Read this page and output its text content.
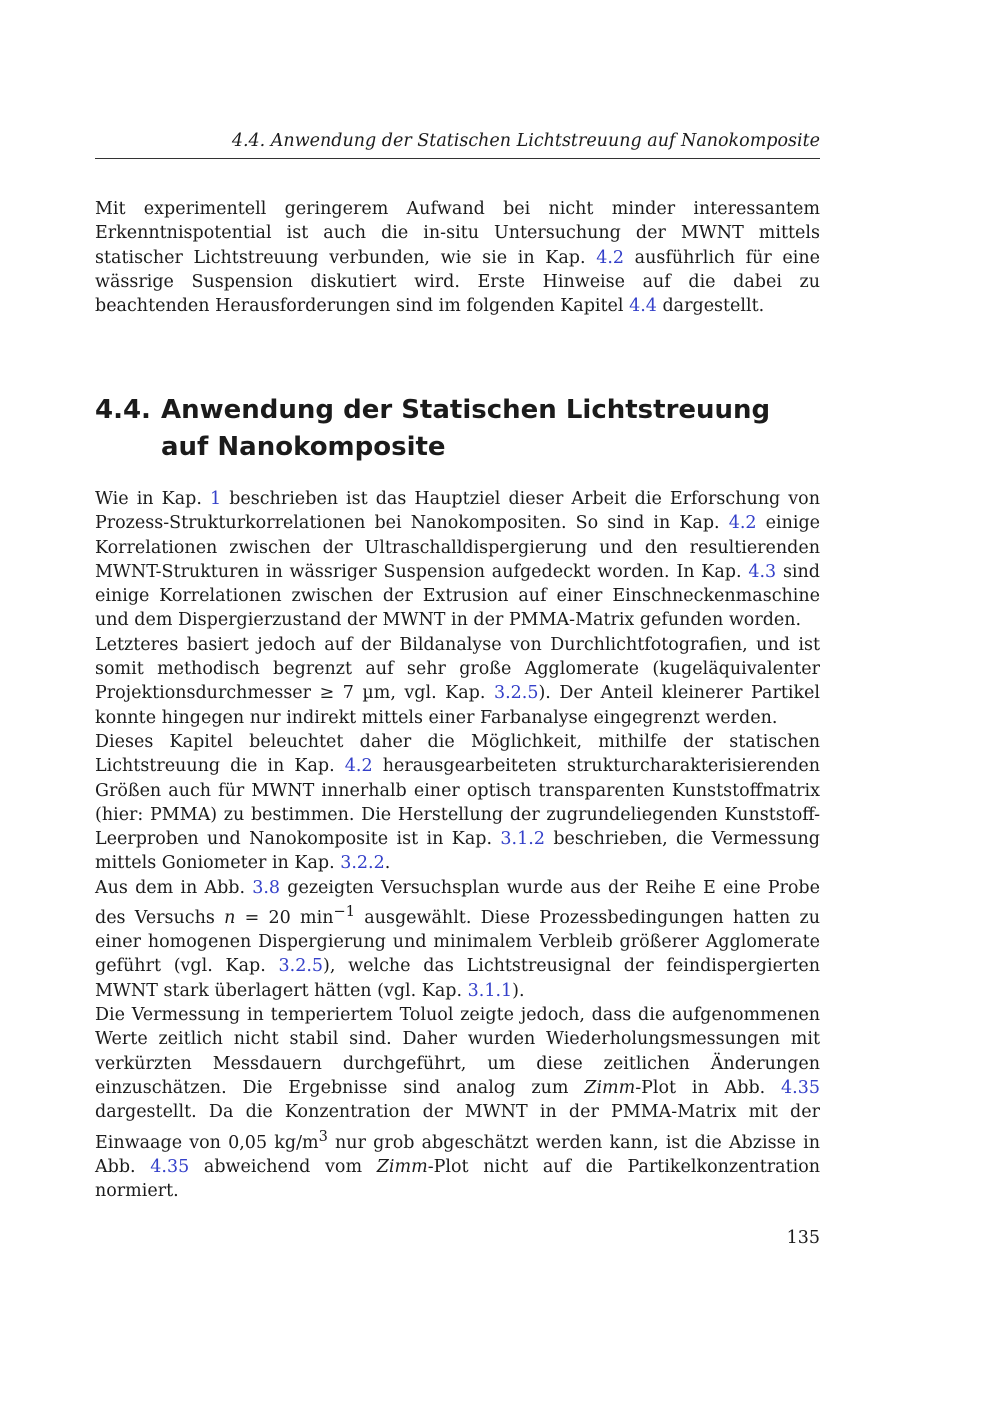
4.4. Anwendung der Statischen Lichtstreuung auf Nanokomposite

Mit experimentell geringerem Aufwand bei nicht minder interessantem Erkenntnispotential ist auch die in-situ Untersuchung der MWNT mittels statischer Lichtstreuung verbunden, wie sie in Kap. 4.2 ausführlich für eine wässrige Suspension diskutiert wird. Erste Hinweise auf die dabei zu beachtenden Herausforderungen sind im folgenden Kapitel 4.4 dargestellt.

4.4. Anwendung der Statischen Lichtstreuung auf Nanokomposite

Wie in Kap. 1 beschrieben ist das Hauptziel dieser Arbeit die Erforschung von Prozess-Strukturkorrelationen bei Nanokompositen. So sind in Kap. 4.2 einige Korrelationen zwischen der Ultraschalldispergierung und den resultierenden MWNT-Strukturen in wässriger Suspension aufgedeckt worden. In Kap. 4.3 sind einige Korrelationen zwischen der Extrusion auf einer Einschneckenmaschine und dem Dispergierzustand der MWNT in der PMMA-Matrix gefunden worden.

Letzteres basiert jedoch auf der Bildanalyse von Durchlichtfotografien, und ist somit methodisch begrenzt auf sehr große Agglomerate (kugeläquivalenter Projektionsdurchmesser ≥ 7 µm, vgl. Kap. 3.2.5). Der Anteil kleinerer Partikel konnte hingegen nur indirekt mittels einer Farbanalyse eingegrenzt werden.

Dieses Kapitel beleuchtet daher die Möglichkeit, mithilfe der statischen Lichtstreuung die in Kap. 4.2 herausgearbeiteten strukturcharakterisierenden Größen auch für MWNT innerhalb einer optisch transparenten Kunststoffmatrix (hier: PMMA) zu bestimmen. Die Herstellung der zugrundeliegenden Kunststoff-Leerproben und Nanokomposite ist in Kap. 3.1.2 beschrieben, die Vermessung mittels Goniometer in Kap. 3.2.2.

Aus dem in Abb. 3.8 gezeigten Versuchsplan wurde aus der Reihe E eine Probe des Versuchs n = 20 $\min^{-1}$ ausgewählt. Diese Prozessbedingungen hatten zu einer homogenen Dispergierung und minimalem Verbleib größerer Agglomerate geführt (vgl. Kap. 3.2.5), welche das Lichtstreusignal der feindispergierten MWNT stark überlagert hätten (vgl. Kap. 3.1.1).

Die Vermessung in temperiertem Toluol zeigte jedoch, dass die aufgenommenen Werte zeitlich nicht stabil sind. Daher wurden Wiederholungsmessungen mit verkürzten Messdauern durchgeführt, um diese zeitlichen Änderungen einzuschätzen. Die Ergebnisse sind analog zum Zimm-Plot in Abb. 4.35 dargestellt. Da die Konzentration der MWNT in der PMMA-Matrix mit der Einwaage von 0,05 $kg/m^3$ nur grob abgeschätzt werden kann, ist die Abzisse in Abb. 4.35 abweichend vom Zimm-Plot nicht auf die Partikelkonzentration normiert.

135
